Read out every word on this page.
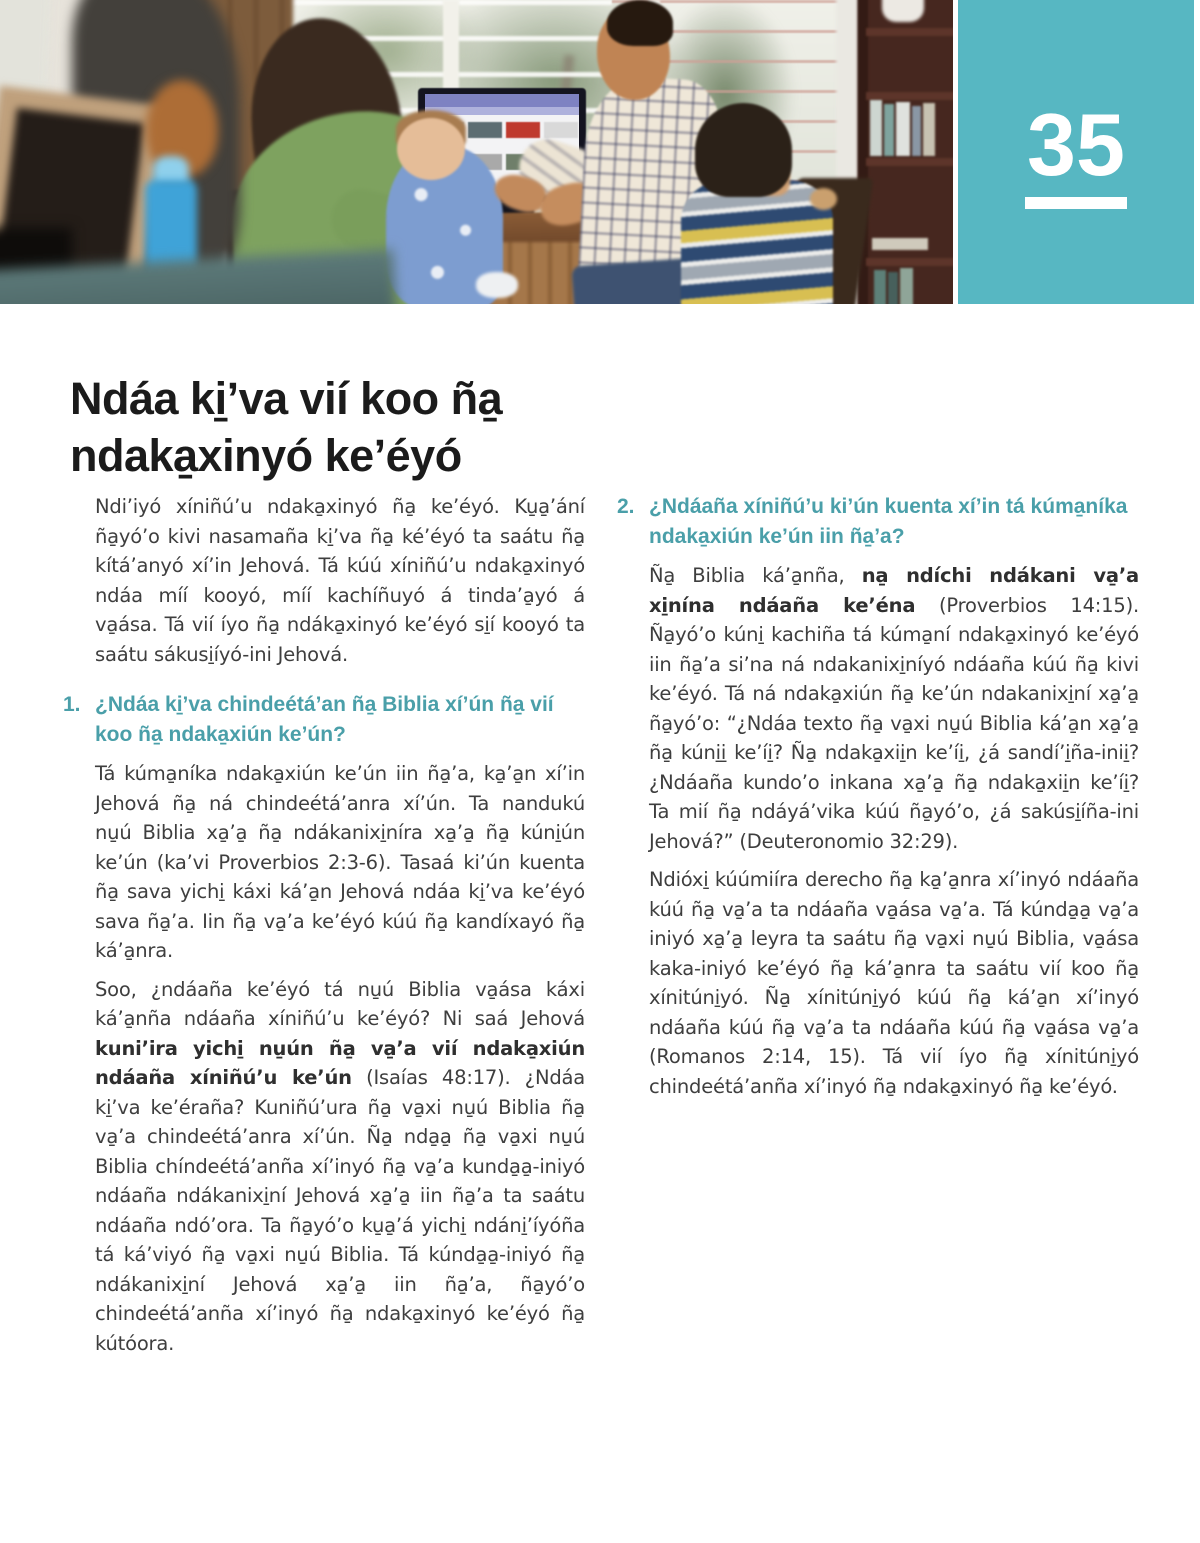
35
Ndáa ki̱’va vií koo ña̱ ndaka̱xinyó ke’éyó

Ndi’iyó xíniñú’u ndaka̱xinyó ña̱ ke’éyó. Ku̱a̱’ání ña̱yó’o kivi nasamaña ki̱’va ña̱ ké’éyó ta saátu ña̱ kítá’anyó xí’in Jehová. Tá kúú xíniñú’u ndaka̱xinyó ndáa míí kooyó, míí kachíñuyó á tinda’a̱yó á va̱ása. Tá vií íyo ña̱ ndáka̱xinyó ke’éyó si̱í kooyó ta saátu sákusi̱íyó-ini Jehová.

1. ¿Ndáa ki̱’va chindeétá’an ña̱ Biblia xí’ún ña̱ vií koo ña̱ ndaka̱xiún ke’ún?

Tá kúma̱níka ndaka̱xiún ke’ún iin ña̱’a, ka̱’a̱n xí’in Jehová ña̱ ná chindeétá’anra xí’ún. Ta nandukú nu̱ú Biblia xa̱’a̱ ña̱ ndákanixi̱níra xa̱’a̱ ña̱ kúni̱ún ke’ún (ka’vi Proverbios 2:3-6). Tasaá ki’ún kuenta ña̱ sava yichi̱ káxi ká’a̱n Jehová ndáa ki̱’va ke’éyó sava ña̱’a. Iin ña̱ va̱’a ke’éyó kúú ña̱ kandíxayó ña̱ ká’a̱nra.

Soo, ¿ndáaña ke’éyó tá nu̱ú Biblia va̱ása káxi ká’a̱nña ndáaña xíniñú’u ke’éyó? Ni saá Jehová kuni’ira yichi̱ nu̱ún ña̱ va̱’a vií ndaka̱xiún ndáaña xíniñú’u ke’ún (Isaías 48:17). ¿Ndáa ki̱’va ke’éraña? Kuniñú’ura ña̱ va̱xi nu̱ú Biblia ña̱ va̱’a chindeétá’anra xí’ún. Ña̱ nda̱a̱ ña̱ va̱xi nu̱ú Biblia chíndeétá’anña xí’inyó ña̱ va̱’a kunda̱a̱-iniyó ndáaña ndákanixi̱ní Jehová xa̱’a̱ iin ña̱’a ta saátu ndáaña ndó’ora. Ta ña̱yó’o ku̱a̱’á yichi̱ ndáni̱’íyóña tá ká’viyó ña̱ va̱xi nu̱ú Biblia. Tá kúnda̱a̱-iniyó ña̱ ndákanixi̱ní Jehová xa̱’a̱ iin ña̱’a, ña̱yó’o chindeétá’anña xí’inyó ña̱ ndaka̱xinyó ke’éyó ña̱ kútóora.

2. ¿Ndáaña xíniñú’u ki’ún kuenta xí’in tá kúma̱níka ndaka̱xiún ke’ún iin ña̱’a?

Ña̱ Biblia ká’a̱nña, na̱ ndíchi ndákani va̱’a xi̱nína ndáaña ke’éna (Proverbios 14:15). Ña̱yó’o kúni̱ kachiña tá kúma̱ní ndaka̱xinyó ke’éyó iin ña̱’a si’na ná ndakanixi̱níyó ndáaña kúú ña̱ kivi ke’éyó. Tá ná ndaka̱xiún ña̱ ke’ún ndakanixi̱ní xa̱’a̱ ña̱yó’o: “¿Ndáa texto ña̱ va̱xi nu̱ú Biblia ká’a̱n xa̱’a̱ ña̱ kúni̱i̱ ke’íi̱? Ña̱ ndaka̱xii̱n ke’íi̱, ¿á sandí’i̱ña-inii̱? ¿Ndáaña kundo’o inkana xa̱’a̱ ña̱ ndaka̱xii̱n ke’íi̱? Ta mií ña̱ ndáyá’vika kúú ña̱yó’o, ¿á sakúsi̱íña-ini Jehová?” (Deuteronomio 32:29).

Ndióxi̱ kúúmiíra derecho ña̱ ka̱’a̱nra xí’inyó ndáaña kúú ña̱ va̱’a ta ndáaña va̱ása va̱’a. Tá kúnda̱a̱ va̱’a iniyó xa̱’a̱ leyra ta saátu ña̱ va̱xi nu̱ú Biblia, va̱ása kaka-iniyó ke’éyó ña̱ ká’a̱nra ta saátu vií koo ña̱ xínitúni̱yó. Ña̱ xínitúni̱yó kúú ña̱ ká’a̱n xí’inyó ndáaña kúú ña̱ va̱’a ta ndáaña kúú ña̱ va̱ása va̱’a (Romanos 2:14, 15). Tá vií íyo ña̱ xínitúni̱yó chindeétá’anña xí’inyó ña̱ ndaka̱xinyó ña̱ ke’éyó.
